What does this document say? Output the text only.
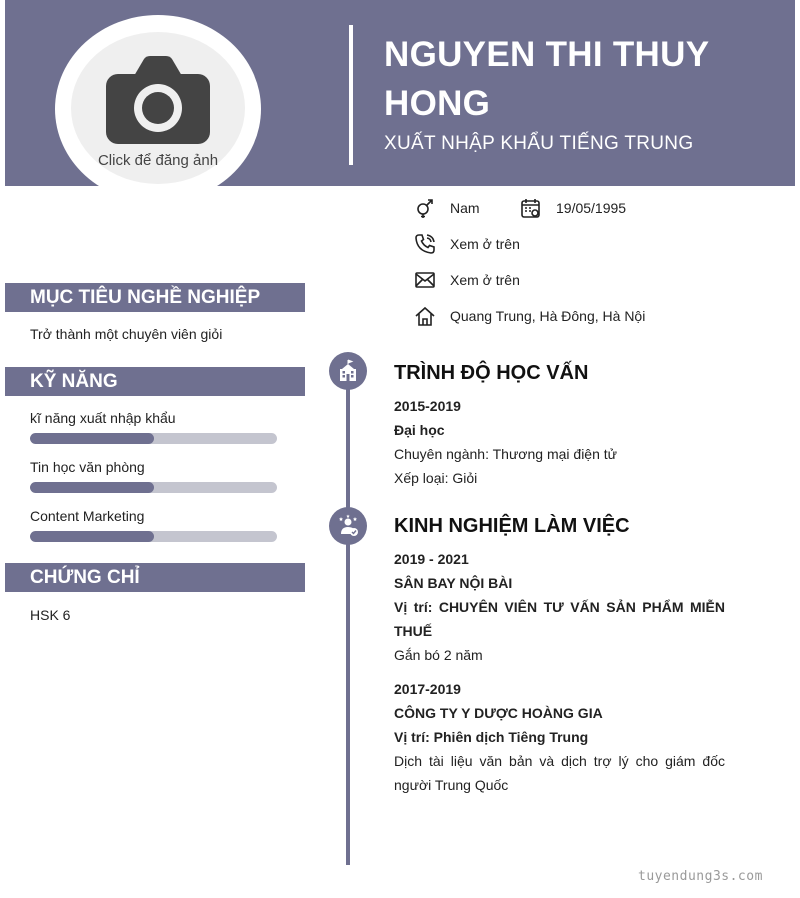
Click để đăng ảnh
NGUYEN THI THUY HONG
XUẤT NHẬP KHẨU TIẾNG TRUNG
Nam	19/05/1995
Xem ở trên
Xem ở trên
Quang Trung, Hà Đông, Hà Nội
MỤC TIÊU NGHỀ NGHIỆP
Trở thành một chuyên viên giỏi
KỸ NĂNG
kĩ năng xuất nhập khẩu
Tin học văn phòng
Content Marketing
CHỨNG CHỈ
HSK 6
TRÌNH ĐỘ HỌC VẤN
2015-2019
Đại học
Chuyên ngành: Thương mại điện tử
Xếp loại: Giỏi
KINH NGHIỆM LÀM VIỆC
2019 - 2021
SÂN BAY NỘI BÀI
Vị trí: CHUYÊN VIÊN TƯ VẤN SẢN PHẨM MIỄN
THUẾ
Gắn bó 2 năm
2017-2019
CÔNG TY Y DƯỢC HOÀNG GIA
Vị trí: Phiên dịch Tiêng Trung
Dịch tài liệu văn bản và dịch trợ lý cho giám đốc
người Trung Quốc
tuyendung3s.com
